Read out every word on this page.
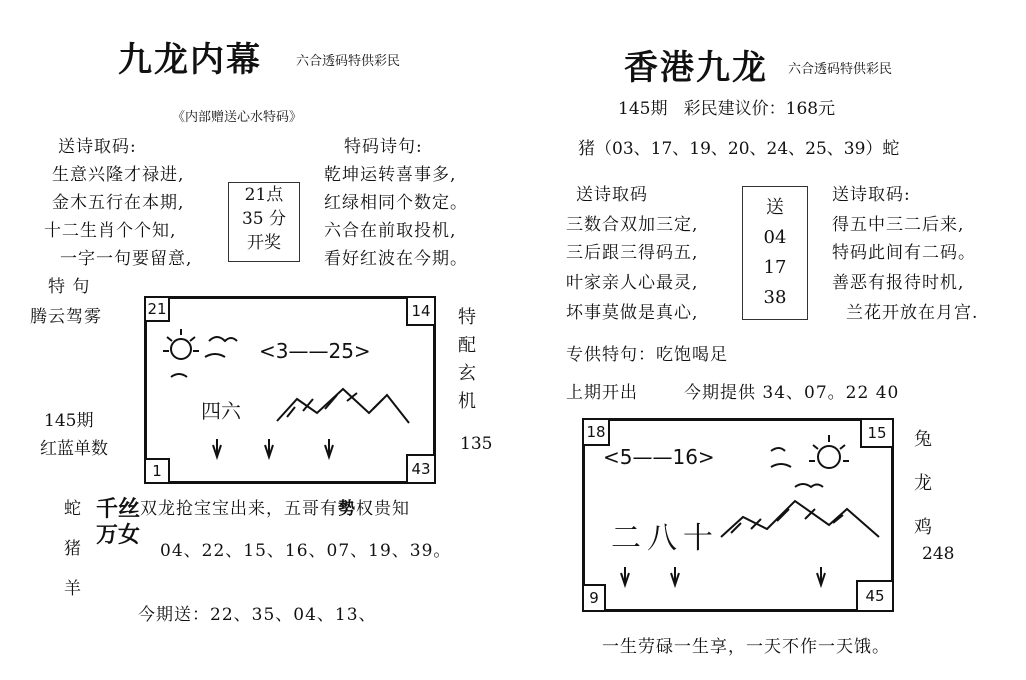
九龙内幕	六合透码特供彩民
《内部赠送心水特码》
送诗取码:
生意兴隆才禄进,
金木五行在本期,
十二生肖个个知,
一字一句要留意,
21点
35 分
开奖
特码诗句:
乾坤运转喜事多,
红绿相同个数定。
六合在前取投机,
看好红波在今期。
特 句
腾云驾雾
145期
红蓝单数
21	14
1	43
<3——25>
四六
特
配
玄
机
135
蛇
猪
羊
千丝
万女
双龙抢宝宝出来，五哥有勢权贵知
04、22、15、16、07、19、39。
今期送：22、35、04、13、
香港九龙 六合透码特供彩民
145期   彩民建议价：168元
猪（03、17、19、20、24、25、39）蛇
送诗取码
三数合双加三定,
三后跟三得码五,
叶家亲人心最灵,
坏事莫做是真心,
送
04
17
38
送诗取码:
得五中三二后来,
特码此间有二码。
善恶有报待时机,
兰花开放在月宫.
专供特句：吃饱喝足
上期开出	今期提供 34、07。22 40
18	15
9	45
<5——16>
二八十
兔
龙
鸡
248
一生劳碌一生享，一天不作一天饿。
